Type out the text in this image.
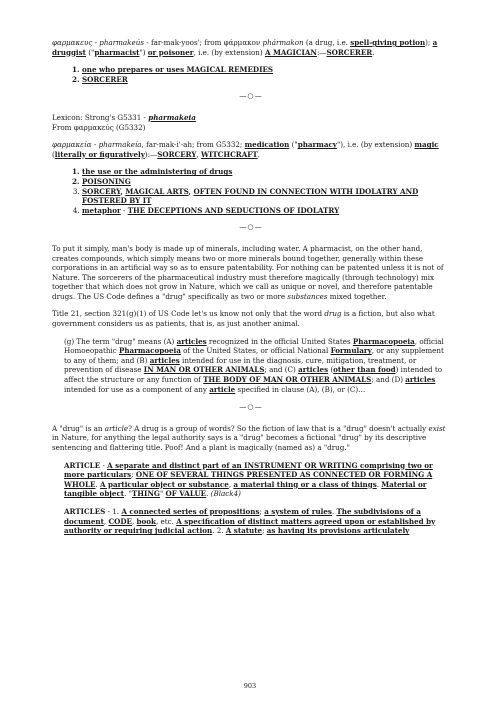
φαρμακευς - pharmakeús - far-mak-yoos'; from φάρμακον phármakon (a drug, i.e. spell-giving potion); a druggist ("pharmacist") or poisoner, i.e. (by extension) A MAGICIAN:—SORCERER.

1. one who prepares or uses MAGICAL REMEDIES
2. SORCERER

—○—

Lexicon: Strong's G5331 - pharmakeia

From φαρμακεύς (G5332)

φαρμακεία - pharmakeía, far-mak-i'-ah; from G5332; medication ("pharmacy"), i.e. (by extension) magic (literally or figuratively):—SORCERY, WITCHCRAFT.

1. the use or the administering of drugs
2. POISONING
3. SORCERY, MAGICAL ARTS, OFTEN FOUND IN CONNECTION WITH IDOLATRY AND FOSTERED BY IT
4. metaphor - THE DECEPTIONS AND SEDUCTIONS OF IDOLATRY

—○—

To put it simply, man's body is made up of minerals, including water. A pharmacist, on the other hand, creates compounds, which simply means two or more minerals bound together, generally within these corporations in an artificial way so as to ensure patentability. For nothing can be patented unless it is not of Nature. The sorcerers of the pharmaceutical industry must therefore magically (through technology) mix together that which does not grow in Nature, which we call as unique or novel, and therefore patentable drugs. The US Code defines a "drug" specifically as two or more substances mixed together.

Title 21, section 321(g)(1) of US Code let's us know not only that the word drug is a fiction, but also what government considers us as patients, that is, as just another animal.

(g) The term "drug" means (A) articles recognized in the official United States Pharmacopoeia, official Homoeopathic Pharmacopoeia of the United States, or official National Formulary, or any supplement to any of them; and (B) articles intended for use in the diagnosis, cure, mitigation, treatment, or prevention of disease IN MAN OR OTHER ANIMALS; and (C) articles (other than food) intended to affect the structure or any function of THE BODY OF MAN OR OTHER ANIMALS; and (D) articles intended for use as a component of any article specified in clause (A), (B), or (C)…

—○—

A "drug" is an article? A drug is a group of words? So the fiction of law that is a "drug" doesn't actually exist in Nature, for anything the legal authority says is a "drug" becomes a fictional "drug" by its descriptive sentencing and flattering title. Poof! And a plant is magically (named as) a "drug."

ARTICLE - A separate and distinct part of an INSTRUMENT OR WRITING comprising two or more particulars; ONE OF SEVERAL THINGS PRESENTED AS CONNECTED OR FORMING A WHOLE. A particular object or substance, a material thing or a class of things. Material or tangible object. "THING" OF VALUE. (Black4)

ARTICLES - 1. A connected series of propositions; a system of rules. The subdivisions of a document, CODE, book, etc. A specification of distinct matters agreed upon or established by authority or requiring judicial action. 2. A statute; as having its provisions articulately

903
